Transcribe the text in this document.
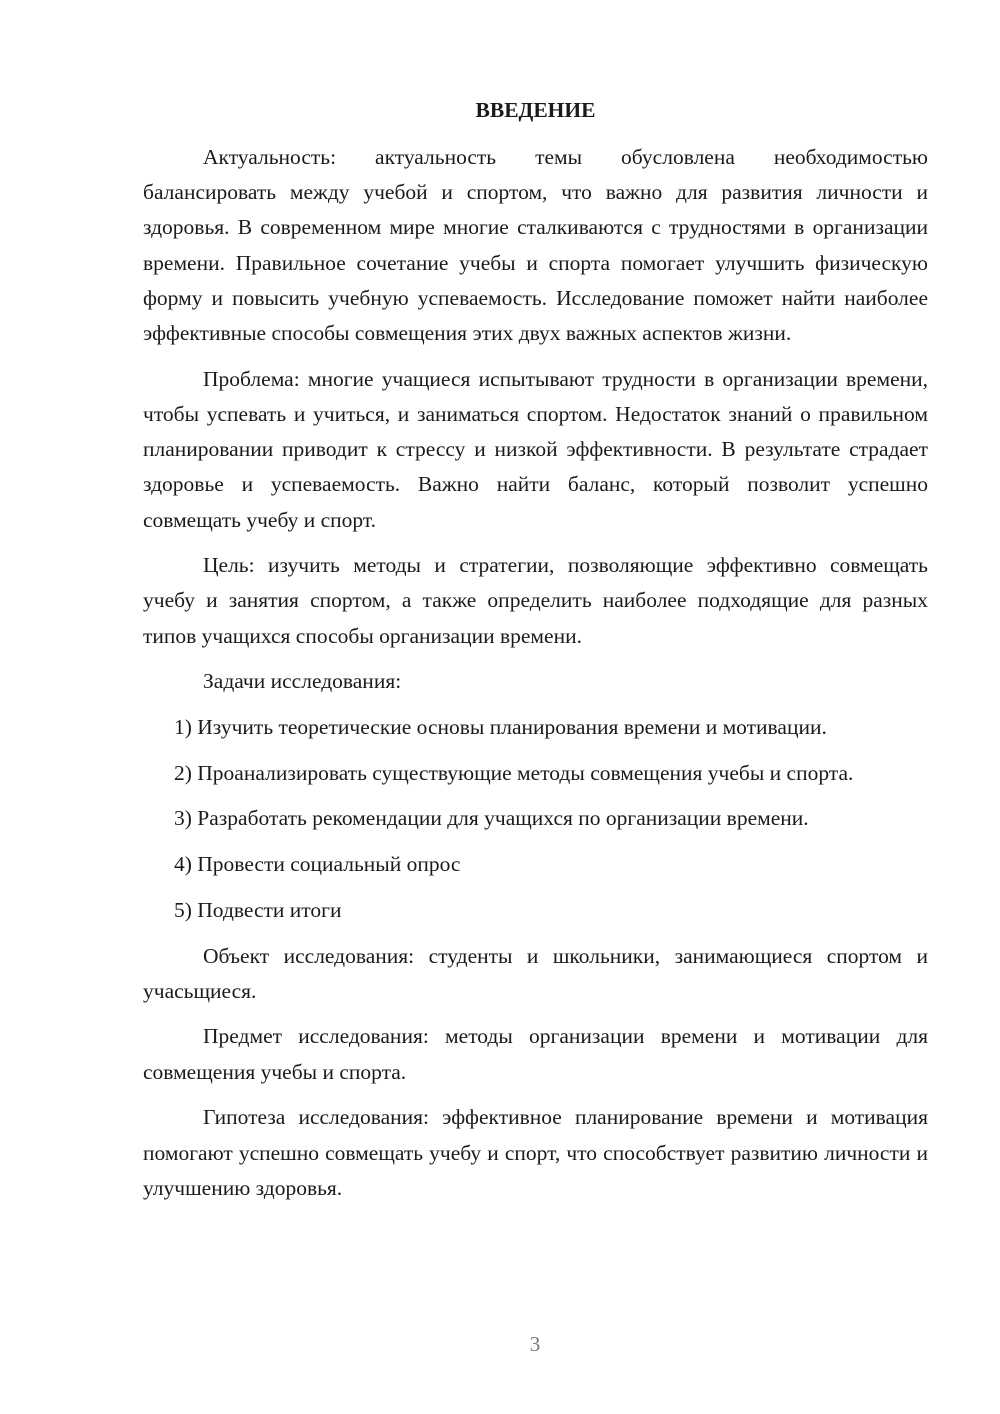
ВВЕДЕНИЕ

Актуальность: актуальность темы обусловлена необходимостью балансировать между учебой и спортом, что важно для развития личности и здоровья. В современном мире многие сталкиваются с трудностями в организации времени. Правильное сочетание учебы и спорта помогает улучшить физическую форму и повысить учебную успеваемость. Исследование поможет найти наиболее эффективные способы совмещения этих двух важных аспектов жизни.

Проблема: многие учащиеся испытывают трудности в организации времени, чтобы успевать и учиться, и заниматься спортом. Недостаток знаний о правильном планировании приводит к стрессу и низкой эффективности. В результате страдает здоровье и успеваемость. Важно найти баланс, который позволит успешно совмещать учебу и спорт.

Цель: изучить методы и стратегии, позволяющие эффективно совмещать учебу и занятия спортом, а также определить наиболее подходящие для разных типов учащихся способы организации времени.

Задачи исследования:

1) Изучить теоретические основы планирования времени и мотивации.

2) Проанализировать существующие методы совмещения учебы и спорта.

3) Разработать рекомендации для учащихся по организации времени.

4) Провести социальный опрос

5) Подвести итоги

Объект исследования: студенты и школьники, занимающиеся спортом и учасьщиеся.

Предмет исследования: методы организации времени и мотивации для совмещения учебы и спорта.

Гипотеза исследования: эффективное планирование времени и мотивация помогают успешно совмещать учебу и спорт, что способствует развитию личности и улучшению здоровья.

3
